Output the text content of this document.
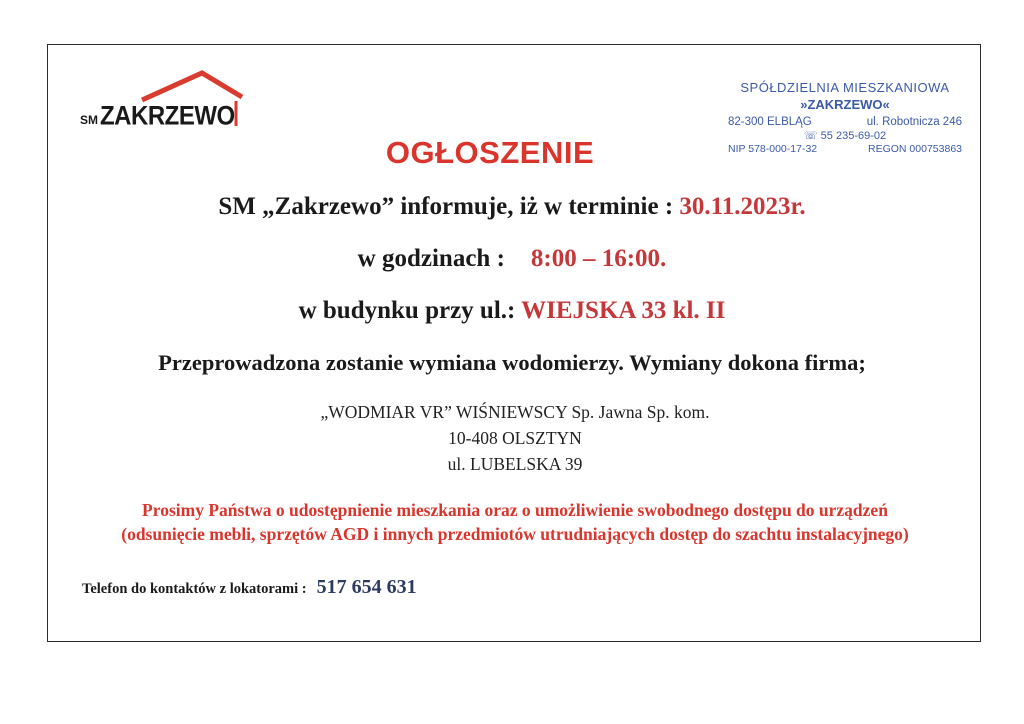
SMZAKRZEWO
SPÓŁDZIELNIA MIESZKANIOWA
»ZAKRZEWO«
82-300 ELBLĄG	ul. Robotnicza 246
☏ 55 235-69-02
NIP 578-000-17-32	REGON 000753863
OGŁOSZENIE
SM „Zakrzewo” informuje, iż w terminie : 30.11.2023r.
w godzinach : 8:00 – 16:00.
w budynku przy ul.: WIEJSKA 33 kl. II
Przeprowadzona zostanie wymiana wodomierzy. Wymiany dokona firma;
„WODMIAR VR” WIŚNIEWSCY Sp. Jawna Sp. kom.
10-408 OLSZTYN
ul. LUBELSKA 39
Prosimy Państwa o udostępnienie mieszkania oraz o umożliwienie swobodnego dostępu do urządzeń
(odsunięcie mebli, sprzętów AGD i innych przedmiotów utrudniających dostęp do szachtu instalacyjnego)
Telefon do kontaktów z lokatorami : 517 654 631
